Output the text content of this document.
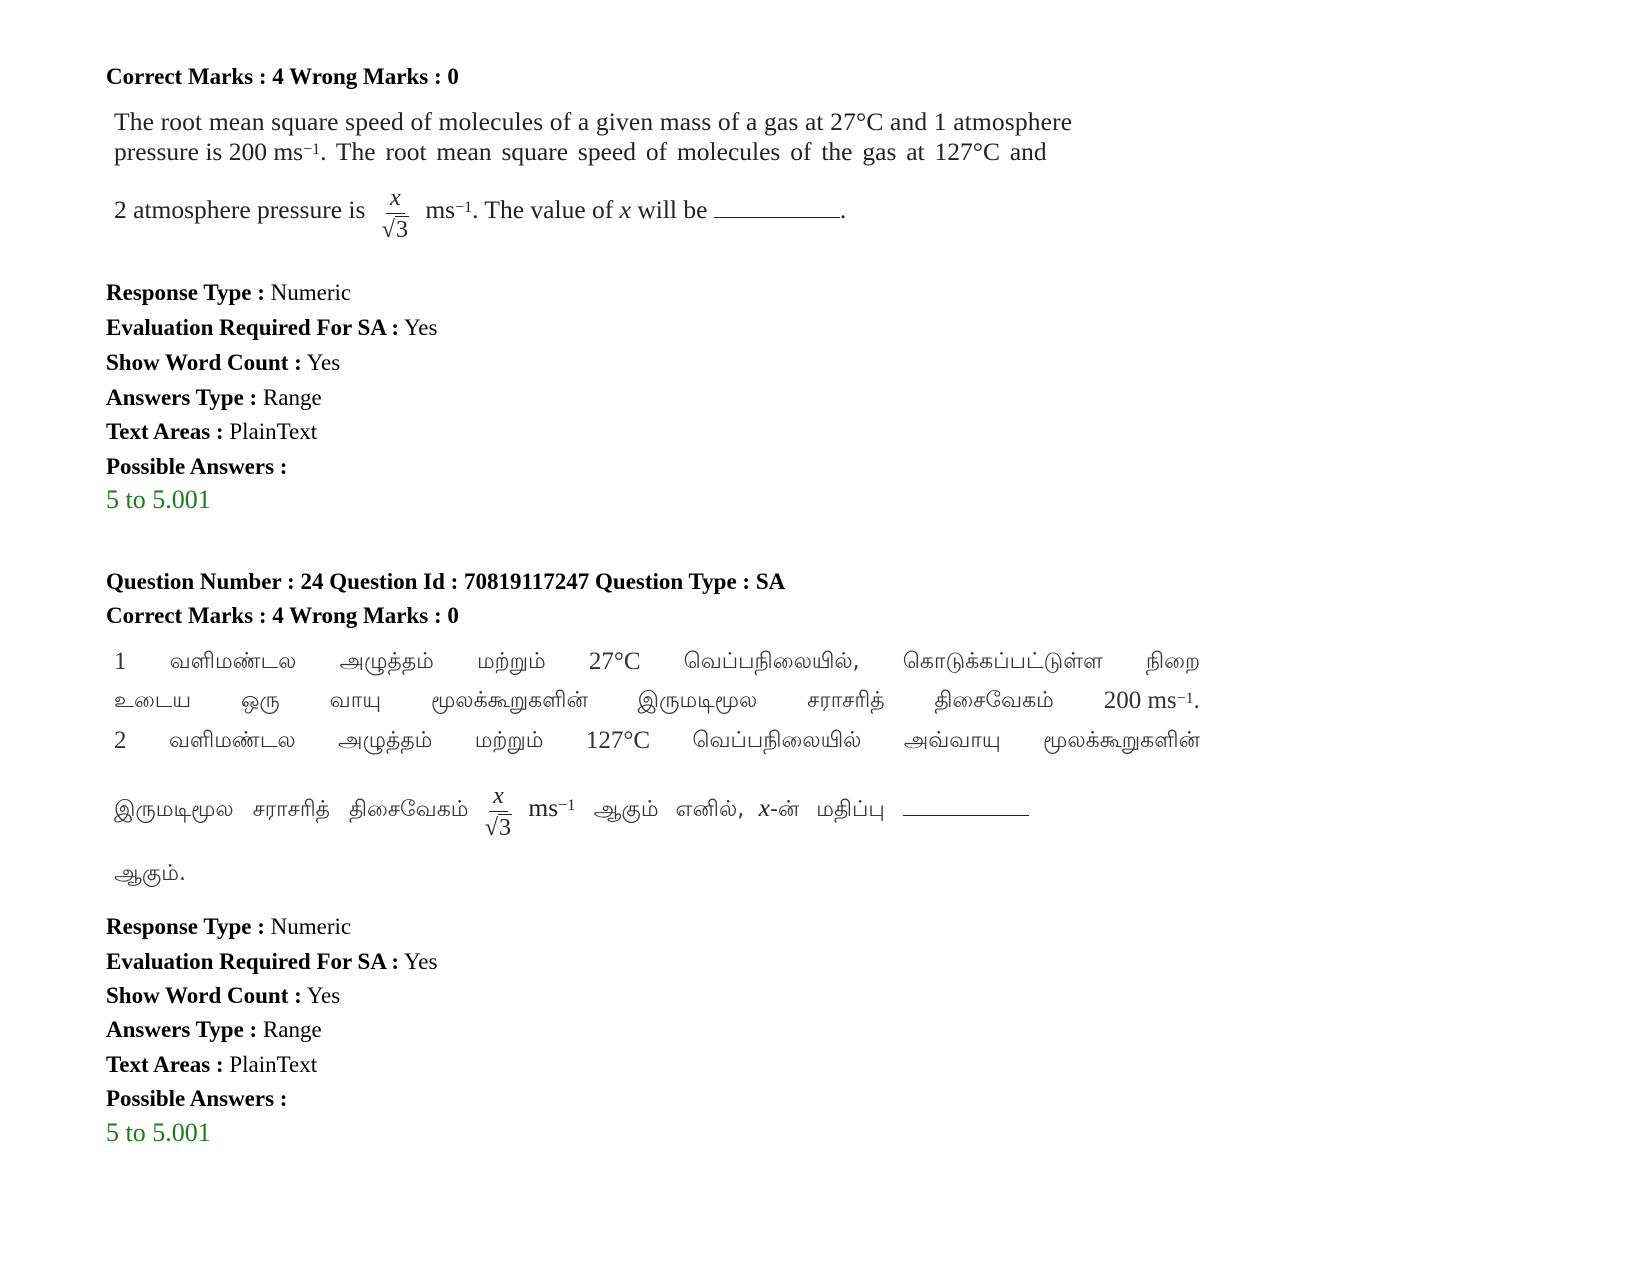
Correct Marks : 4 Wrong Marks : 0
The root mean square speed of molecules of a given mass of a gas at 27°C and 1 atmosphere
pressure is 200 $ms^{-1}$. The root mean square speed of molecules of the gas at 127°C and
2 atmosphere pressure is $\frac{x}{√3} ms^{-1}$. The value of x will be	.
Response Type : Numeric
Evaluation Required For SA : Yes
Show Word Count : Yes
Answers Type : Range
Text Areas : PlainText
Possible Answers :
5 to 5.001
Question Number : 24 Question Id : 70819117247 Question Type : SA
Correct Marks : 4 Wrong Marks : 0
1 வளிமண்டல அழுத்தம் மற்றும் 27°C வெப்பநிலையில், கொடுக்கப்பட்டுள்ள நிறை
உடைய ஒரு வாயு மூலக்கூறுகளின் இருமடிமூல சராசரித் திசைவேகம் 200 $ms^{-1}$.
2 வளிமண்டல அழுத்தம் மற்றும் 127°C வெப்பநிலையில் அவ்வாயு மூலக்கூறுகளின்
இருமடிமூல சராசரித் திசைவேகம் $\frac{x}{√3} ms^{-1}$ ஆகும் எனில், x-ன் மதிப்பு
ஆகும்.
Response Type : Numeric
Evaluation Required For SA : Yes
Show Word Count : Yes
Answers Type : Range
Text Areas : PlainText
Possible Answers :
5 to 5.001
